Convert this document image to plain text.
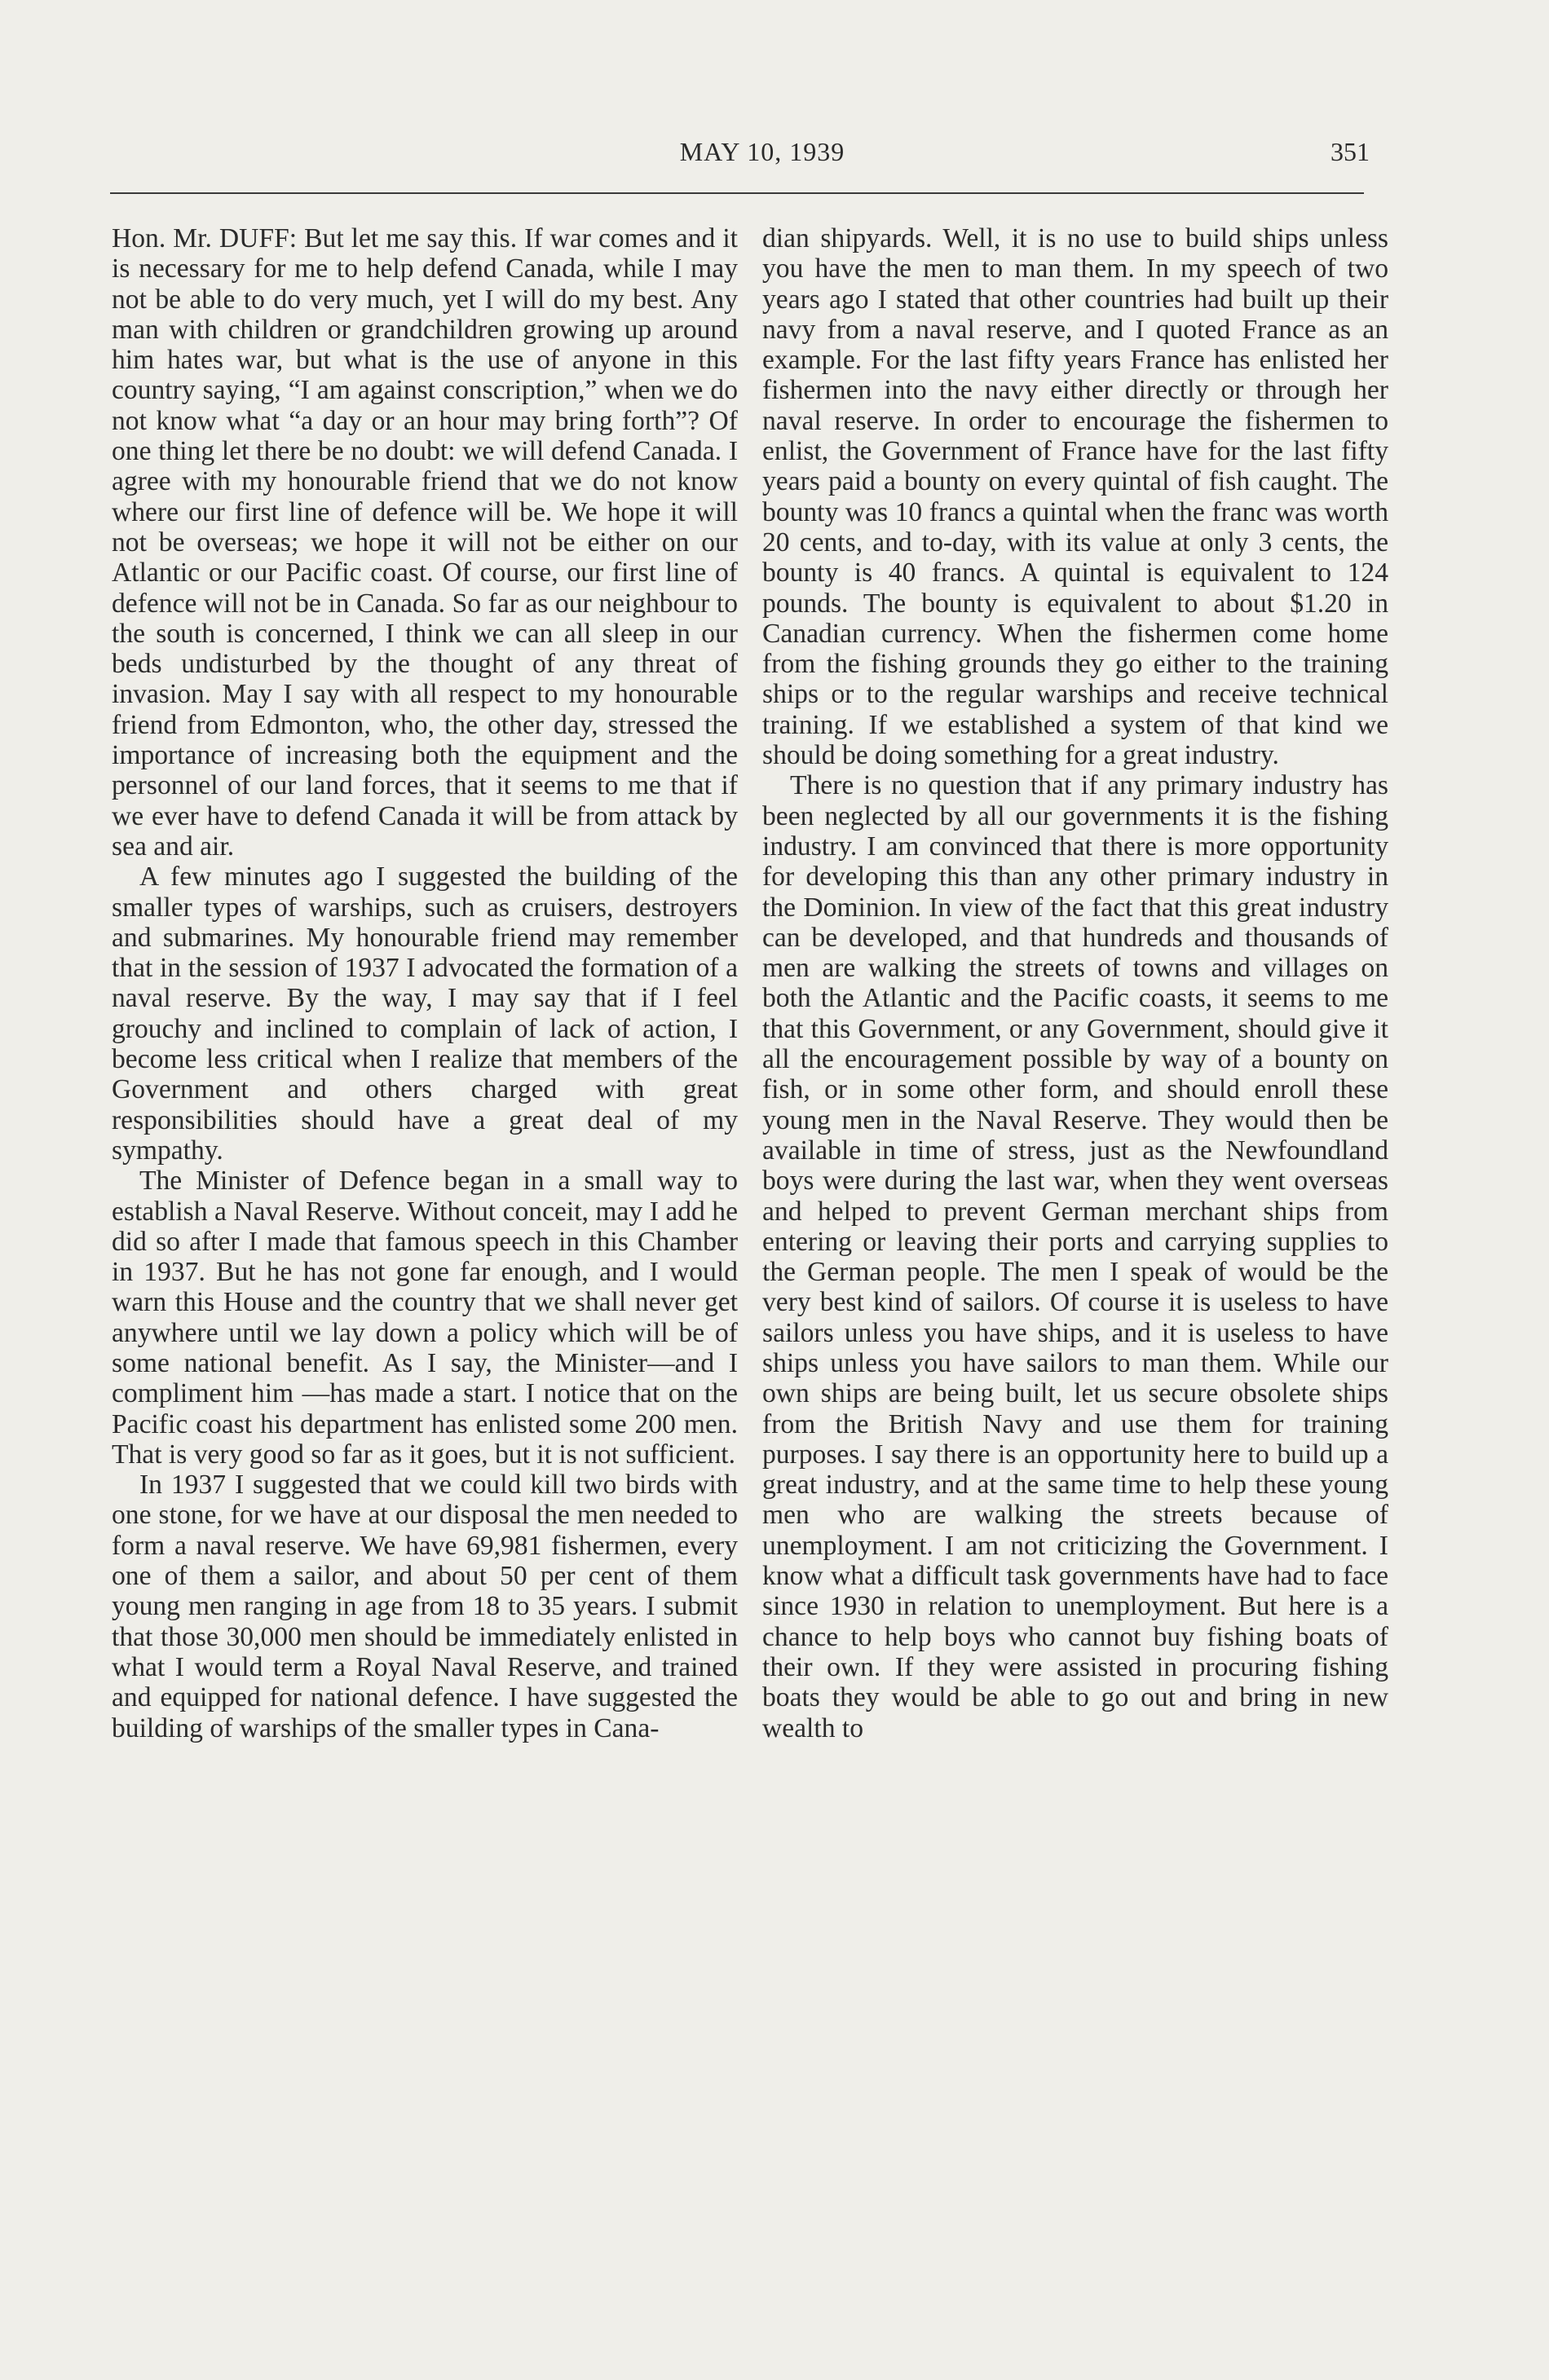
MAY 10, 1939	351

Hon. Mr. DUFF: But let me say this. If war comes and it is necessary for me to help defend Canada, while I may not be able to do very much, yet I will do my best. Any man with children or grandchildren growing up around him hates war, but what is the use of anyone in this country saying, “I am against conscription,” when we do not know what “a day or an hour may bring forth”? Of one thing let there be no doubt: we will defend Canada. I agree with my honourable friend that we do not know where our first line of defence will be. We hope it will not be overseas; we hope it will not be either on our Atlantic or our Pacific coast. Of course, our first line of defence will not be in Canada. So far as our neighbour to the south is concerned, I think we can all sleep in our beds undisturbed by the thought of any threat of invasion. May I say with all respect to my honourable friend from Edmonton, who, the other day, stressed the importance of increasing both the equipment and the personnel of our land forces, that it seems to me that if we ever have to defend Canada it will be from attack by sea and air.

A few minutes ago I suggested the building of the smaller types of warships, such as cruisers, destroyers and submarines. My honourable friend may remember that in the session of 1937 I advocated the formation of a naval reserve. By the way, I may say that if I feel grouchy and inclined to complain of lack of action, I become less critical when I realize that members of the Government and others charged with great responsibilities should have a great deal of my sympathy.

The Minister of Defence began in a small way to establish a Naval Reserve. Without conceit, may I add he did so after I made that famous speech in this Chamber in 1937. But he has not gone far enough, and I would warn this House and the country that we shall never get anywhere until we lay down a policy which will be of some national benefit. As I say, the Minister—and I compliment him —has made a start. I notice that on the Pacific coast his department has enlisted some 200 men. That is very good so far as it goes, but it is not sufficient.

In 1937 I suggested that we could kill two birds with one stone, for we have at our disposal the men needed to form a naval reserve. We have 69,981 fishermen, every one of them a sailor, and about 50 per cent of them young men ranging in age from 18 to 35 years. I submit that those 30,000 men should be immediately enlisted in what I would term a Royal Naval Reserve, and trained and equipped for national defence. I have suggested the building of warships of the smaller types in Cana-

dian shipyards. Well, it is no use to build ships unless you have the men to man them. In my speech of two years ago I stated that other countries had built up their navy from a naval reserve, and I quoted France as an example. For the last fifty years France has enlisted her fishermen into the navy either directly or through her naval reserve. In order to encourage the fishermen to enlist, the Government of France have for the last fifty years paid a bounty on every quintal of fish caught. The bounty was 10 francs a quintal when the franc was worth 20 cents, and to-day, with its value at only 3 cents, the bounty is 40 francs. A quintal is equivalent to 124 pounds. The bounty is equivalent to about $1.20 in Canadian currency. When the fishermen come home from the fishing grounds they go either to the training ships or to the regular warships and receive technical training. If we established a system of that kind we should be doing something for a great industry.

There is no question that if any primary industry has been neglected by all our governments it is the fishing industry. I am convinced that there is more opportunity for developing this than any other primary industry in the Dominion. In view of the fact that this great industry can be developed, and that hundreds and thousands of men are walking the streets of towns and villages on both the Atlantic and the Pacific coasts, it seems to me that this Government, or any Government, should give it all the encouragement possible by way of a bounty on fish, or in some other form, and should enroll these young men in the Naval Reserve. They would then be available in time of stress, just as the Newfoundland boys were during the last war, when they went overseas and helped to prevent German merchant ships from entering or leaving their ports and carrying supplies to the German people. The men I speak of would be the very best kind of sailors. Of course it is useless to have sailors unless you have ships, and it is useless to have ships unless you have sailors to man them. While our own ships are being built, let us secure obsolete ships from the British Navy and use them for training purposes. I say there is an opportunity here to build up a great industry, and at the same time to help these young men who are walking the streets because of unemployment. I am not criticizing the Government. I know what a difficult task governments have had to face since 1930 in relation to unemployment. But here is a chance to help boys who cannot buy fishing boats of their own. If they were assisted in procuring fishing boats they would be able to go out and bring in new wealth to
